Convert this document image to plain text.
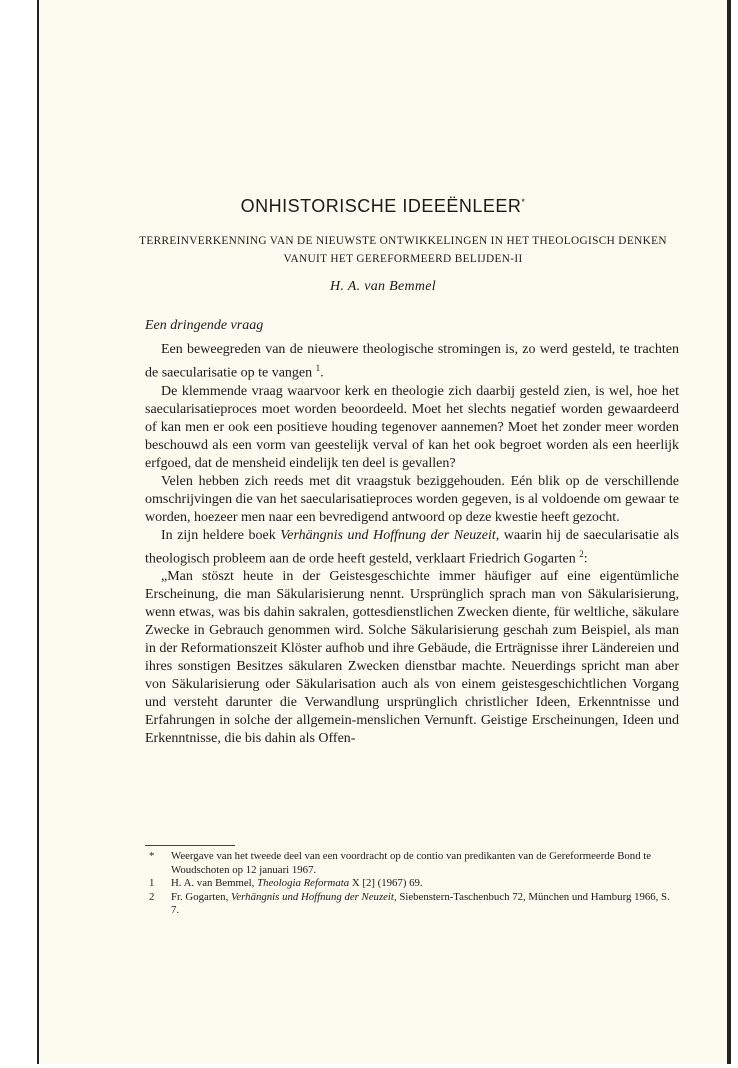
ONHISTORISCHE IDEEËNLEER*
TERREINVERKENNING VAN DE NIEUWSTE ONTWIKKELINGEN IN HET THEOLOGISCH DENKEN VANUIT HET GEREFORMEERD BELIJDEN-II
H. A. van Bemmel
Een dringende vraag

Een beweegreden van de nieuwere theologische stromingen is, zo werd gesteld, te trachten de saecularisatie op te vangen $^1$.

De klemmende vraag waarvoor kerk en theologie zich daarbij gesteld zien, is wel, hoe het saecularisatieproces moet worden beoordeeld. Moet het slechts negatief worden gewaardeerd of kan men er ook een positieve houding tegenover aannemen? Moet het zonder meer worden beschouwd als een vorm van geestelijk verval of kan het ook begroet worden als een heerlijk erfgoed, dat de mensheid eindelijk ten deel is gevallen?

Velen hebben zich reeds met dit vraagstuk beziggehouden. Eén blik op de verschillende omschrijvingen die van het saecularisatieproces worden gegeven, is al voldoende om gewaar te worden, hoezeer men naar een bevredigend antwoord op deze kwestie heeft gezocht.

In zijn heldere boek Verhängnis und Hoffnung der Neuzeit, waarin hij de saecularisatie als theologisch probleem aan de orde heeft gesteld, verklaart Friedrich Gogarten $^2$:

„Man stöszt heute in der Geistesgeschichte immer häufiger auf eine eigentümliche Erscheinung, die man Säkularisierung nennt. Ursprünglich sprach man von Säkularisierung, wenn etwas, was bis dahin sakralen, gottesdienstlichen Zwecken diente, für weltliche, säkulare Zwecke in Gebrauch genommen wird. Solche Säkularisierung geschah zum Beispiel, als man in der Reformationszeit Klöster aufhob und ihre Gebäude, die Erträgnisse ihrer Ländereien und ihres sonstigen Besitzes säkularen Zwecken dienstbar machte. Neuerdings spricht man aber von Säkularisierung oder Säkularisation auch als von einem geistesgeschichtlichen Vorgang und versteht darunter die Verwandlung ursprünglich christlicher Ideen, Erkenntnisse und Erfahrungen in solche der allgemein-menslichen Vernunft. Geistige Erscheinungen, Ideen und Erkenntnisse, die bis dahin als Offen-

*	Weergave van het tweede deel van een voordracht op de contio van predikanten van de Gereformeerde Bond te Woudschoten op 12 januari 1967.
1	H. A. van Bemmel, Theologia Reformata X [2] (1967) 69.
2	Fr. Gogarten, Verhängnis und Hoffnung der Neuzeit, Siebenstern-Taschenbuch 72, München und Hamburg 1966, S. 7.
